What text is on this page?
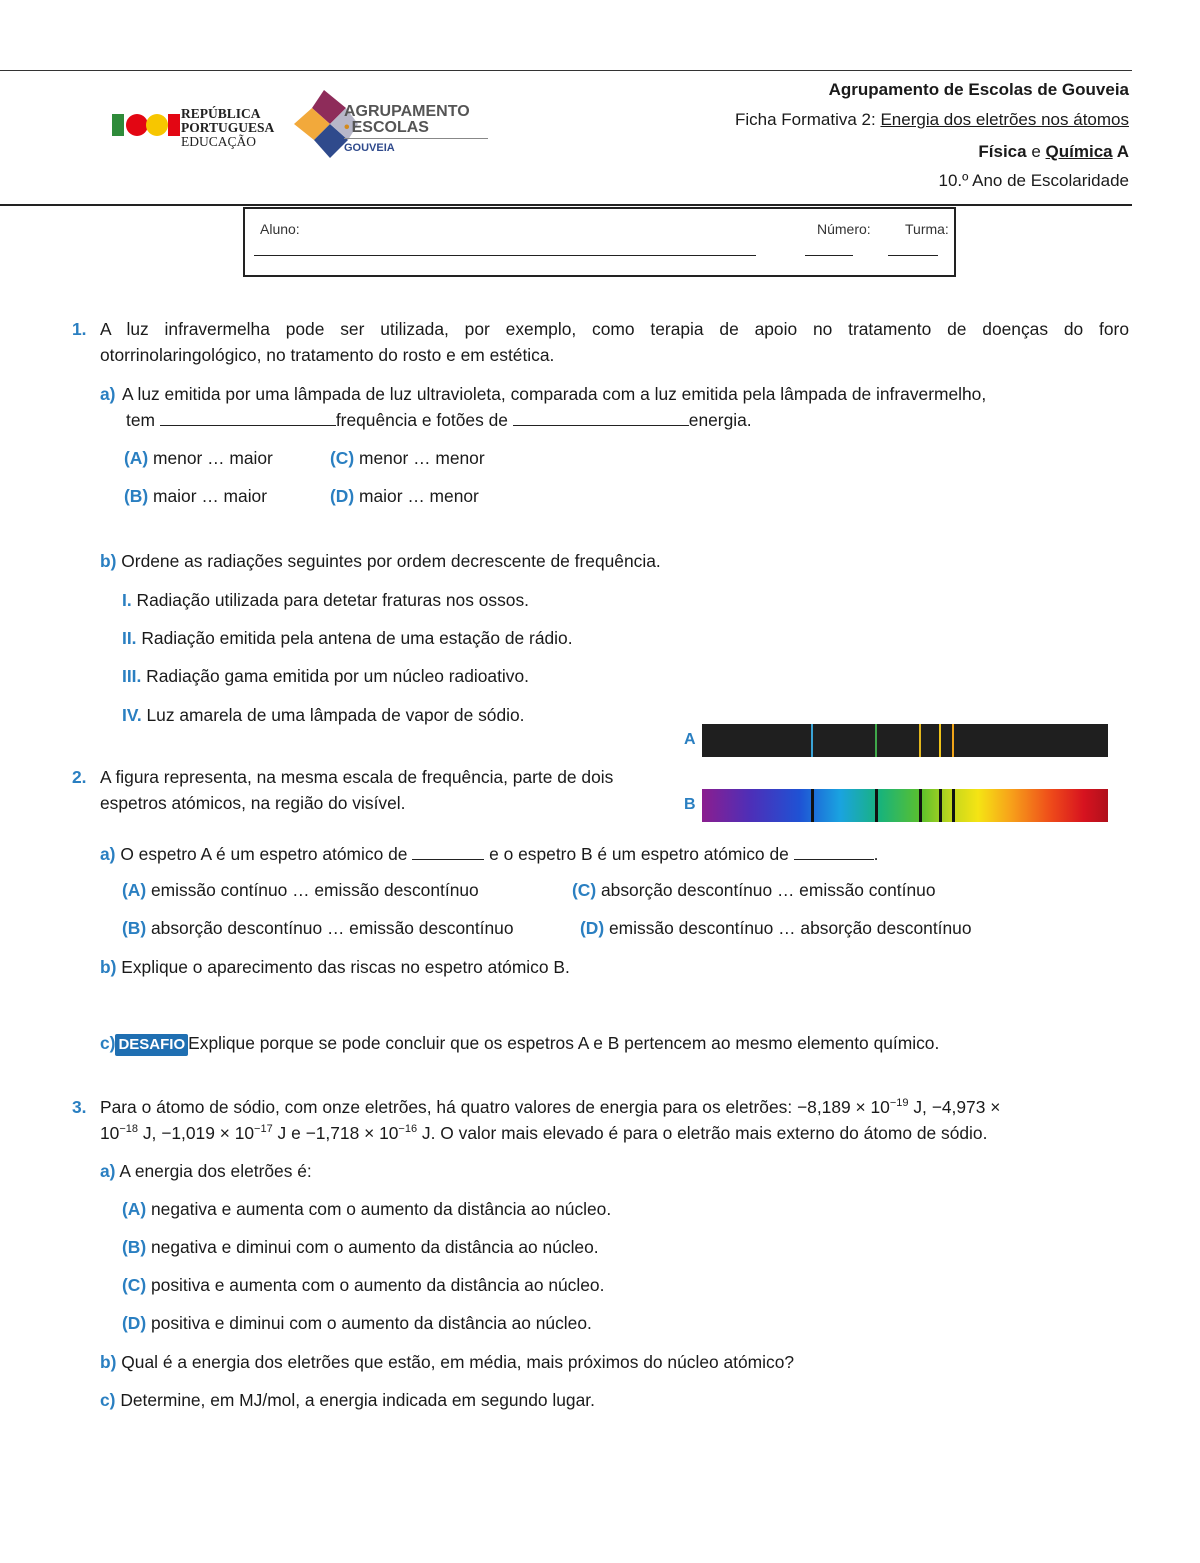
REPÚBLICA
PORTUGUESA
EDUCAÇÃO
AGRUPAMENTO
• ESCOLAS
GOUVEIA
Agrupamento de Escolas de Gouveia
Ficha Formativa 2: Energia dos eletrões nos átomos
Física e Química A
10.º Ano de Escolaridade
Aluno:	Número: Turma:
1. A luz infravermelha pode ser utilizada, por exemplo, como terapia de apoio no tratamento de doenças do foro
otorrinolaringológico, no tratamento do rosto e em estética.
a) A luz emitida por uma lâmpada de luz ultravioleta, comparada com a luz emitida pela lâmpada de infravermelho,
tem	frequência e fotões de	energia.
(A) menor … maior	(C) menor … menor
(B) maior … maior	(D) maior … menor
b) Ordene as radiações seguintes por ordem decrescente de frequência.
I. Radiação utilizada para detetar fraturas nos ossos.
II. Radiação emitida pela antena de uma estação de rádio.
III. Radiação gama emitida por um núcleo radioativo.
IV. Luz amarela de uma lâmpada de vapor de sódio.
A
B
2. A figura representa, na mesma escala de frequência, parte de dois
espetros atómicos, na região do visível.
a) O espetro A é um espetro atómico de	e o espetro B é um espetro atómico de	.
(A) emissão contínuo … emissão descontínuo	(C) absorção descontínuo … emissão contínuo
(B) absorção descontínuo … emissão descontínuo	(D) emissão descontínuo … absorção descontínuo
b) Explique o aparecimento das riscas no espetro atómico B.
c) DESAFIO Explique porque se pode concluir que os espetros A e B pertencem ao mesmo elemento químico.
3. Para o átomo de sódio, com onze eletrões, há quatro valores de energia para os eletrões: $-8,189 \times 10^{-19}$ J, −4,973 ×
$10^{-18}$ J, $-1,019 \times 10^{-17}$ J $e -1,718 \times 10^{-16}$ J. O valor mais elevado é para o eletrão mais externo do átomo de sódio.
a) A energia dos eletrões é:
(A) negativa e aumenta com o aumento da distância ao núcleo.
(B) negativa e diminui com o aumento da distância ao núcleo.
(C) positiva e aumenta com o aumento da distância ao núcleo.
(D) positiva e diminui com o aumento da distância ao núcleo.
b) Qual é a energia dos eletrões que estão, em média, mais próximos do núcleo atómico?
c) Determine, em MJ/mol, a energia indicada em segundo lugar.
